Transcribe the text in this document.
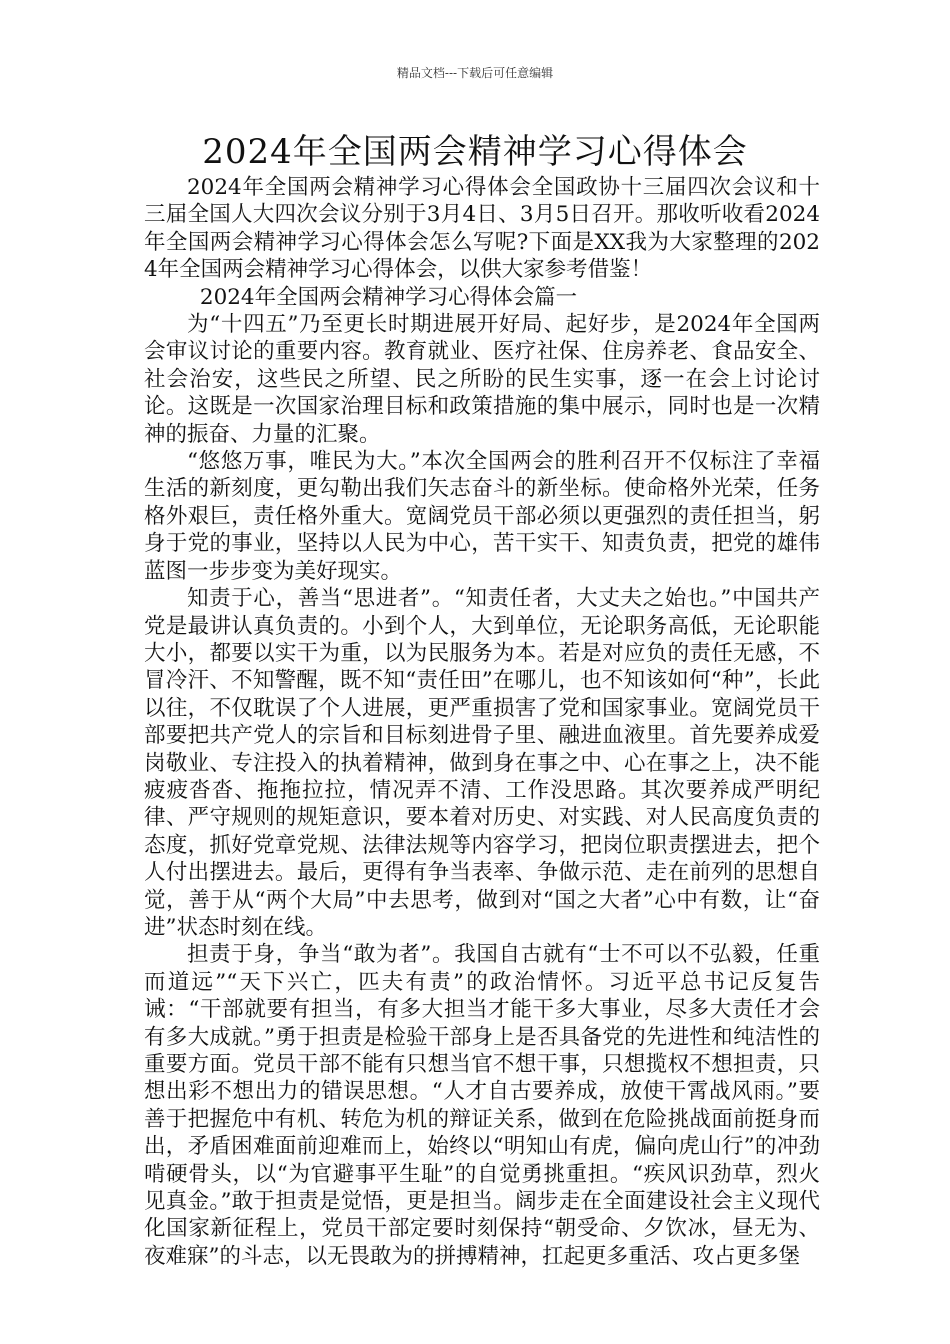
精品文档---下载后可任意编辑
2024年全国两会精神学习心得体会

2024年全国两会精神学习心得体会全国政协十三届四次会议和十三届全国人大四次会议分别于3月4日、3月5日召开。那收听收看2024年全国两会精神学习心得体会怎么写呢?下面是XX我为大家整理的2024年全国两会精神学习心得体会，以供大家参考借鉴！

2024年全国两会精神学习心得体会篇一

为“十四五”乃至更长时期进展开好局、起好步，是2024年全国两会审议讨论的重要内容。教育就业、医疗社保、住房养老、食品安全、社会治安，这些民之所望、民之所盼的民生实事，逐一在会上讨论讨论。这既是一次国家治理目标和政策措施的集中展示，同时也是一次精神的振奋、力量的汇聚。

“悠悠万事，唯民为大。”本次全国两会的胜利召开不仅标注了幸福生活的新刻度，更勾勒出我们矢志奋斗的新坐标。使命格外光荣，任务格外艰巨，责任格外重大。宽阔党员干部必须以更强烈的责任担当，躬身于党的事业，坚持以人民为中心，苦干实干、知责负责，把党的雄伟蓝图一步步变为美好现实。

知责于心，善当“思进者”。“知责任者，大丈夫之始也。”中国共产党是最讲认真负责的。小到个人，大到单位，无论职务高低，无论职能大小，都要以实干为重，以为民服务为本。若是对应负的责任无感，不冒冷汗、不知警醒，既不知“责任田”在哪儿，也不知该如何“种”，长此以往，不仅耽误了个人进展，更严重损害了党和国家事业。宽阔党员干部要把共产党人的宗旨和目标刻进骨子里、融进血液里。首先要养成爱岗敬业、专注投入的执着精神，做到身在事之中、心在事之上，决不能疲疲沓沓、拖拖拉拉，情况弄不清、工作没思路。其次要养成严明纪律、严守规则的规矩意识，要本着对历史、对实践、对人民高度负责的态度，抓好党章党规、法律法规等内容学习，把岗位职责摆进去，把个人付出摆进去。最后，更得有争当表率、争做示范、走在前列的思想自觉，善于从“两个大局”中去思考，做到对“国之大者”心中有数，让“奋进”状态时刻在线。

担责于身，争当“敢为者”。我国自古就有“士不可以不弘毅，任重而道远”“天下兴亡，匹夫有责”的政治情怀。习近平总书记反复告诫：“干部就要有担当，有多大担当才能干多大事业，尽多大责任才会有多大成就。”勇于担责是检验干部身上是否具备党的先进性和纯洁性的重要方面。党员干部不能有只想当官不想干事，只想揽权不想担责，只想出彩不想出力的错误思想。“人才自古要养成，放使干霄战风雨。”要善于把握危中有机、转危为机的辩证关系，做到在危险挑战面前挺身而出，矛盾困难面前迎难而上，始终以“明知山有虎，偏向虎山行”的冲劲啃硬骨头，以“为官避事平生耻”的自觉勇挑重担。“疾风识劲草，烈火见真金。”敢于担责是觉悟，更是担当。阔步走在全面建设社会主义现代化国家新征程上，党员干部定要时刻保持“朝受命、夕饮冰，昼无为、夜难寐”的斗志，以无畏敢为的拼搏精神，扛起更多重活、攻占更多堡
